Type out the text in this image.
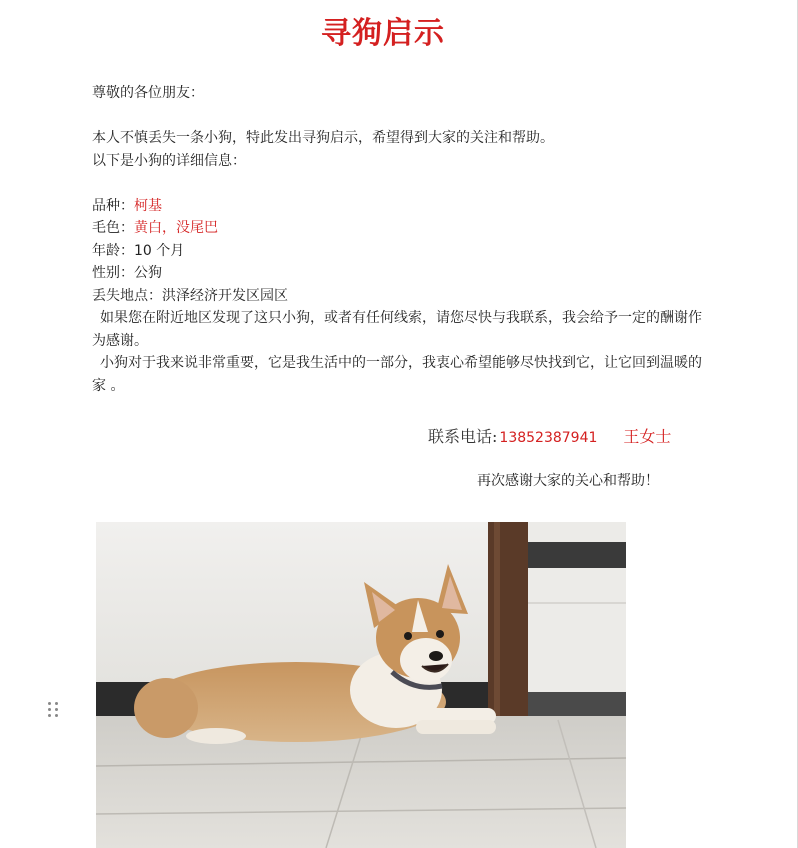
寻狗启示
尊敬的各位朋友：
本人不慎丢失一条小狗，特此发出寻狗启示，希望得到大家的关注和帮助。
以下是小狗的详细信息：
品种：柯基
毛色：黄白，没尾巴
年龄：10 个月
性别：公狗
丢失地点：洪泽经济开发区园区
如果您在附近地区发现了这只小狗，或者有任何线索，请您尽快与我联系，我会给予一定的酬谢作为感谢。
小狗对于我来说非常重要，它是我生活中的一部分，我衷心希望能够尽快找到它，让它回到温暖的家 。
联系电话: 13852387941 王女士
再次感谢大家的关心和帮助！
